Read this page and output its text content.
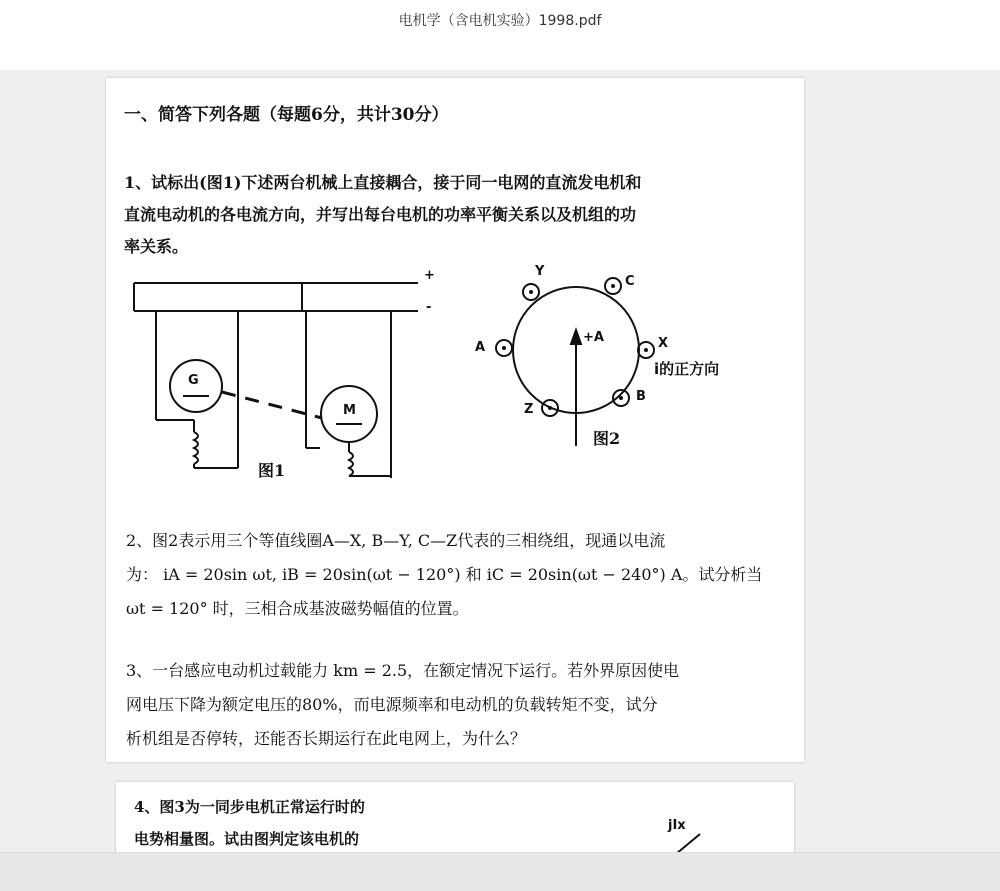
电机学（含电机实验）1998.pdf
一、简答下列各题（每题6分，共计30分）
1、试标出(图1)下述两台机械上直接耦合，接于同一电网的直流发电机和
直流电动机的各电流方向，并写出每台电机的功率平衡关系以及机组的功
率关系。
+
-
G
M
图1
Y
C
A
+A	X
Z
B
i的正方向
图2
2、图2表示用三个等值线圈A—X, B—Y, C—Z代表的三相绕组，现通以电流
为： iA = 20sin ωt, iB = 20sin(ωt − 120°) 和 iC = 20sin(ωt − 240°) A。试分析当
ωt = 120° 时，三相合成基波磁势幅值的位置。
3、一台感应电动机过载能力 km = 2.5，在额定情况下运行。若外界原因使电
网电压下降为额定电压的80%，而电源频率和电动机的负载转矩不变，试分
析机组是否停转，还能否长期运行在此电网上，为什么？
4、图3为一同步电机正常运行时的
电势相量图。试由图判定该电机的
jIx
